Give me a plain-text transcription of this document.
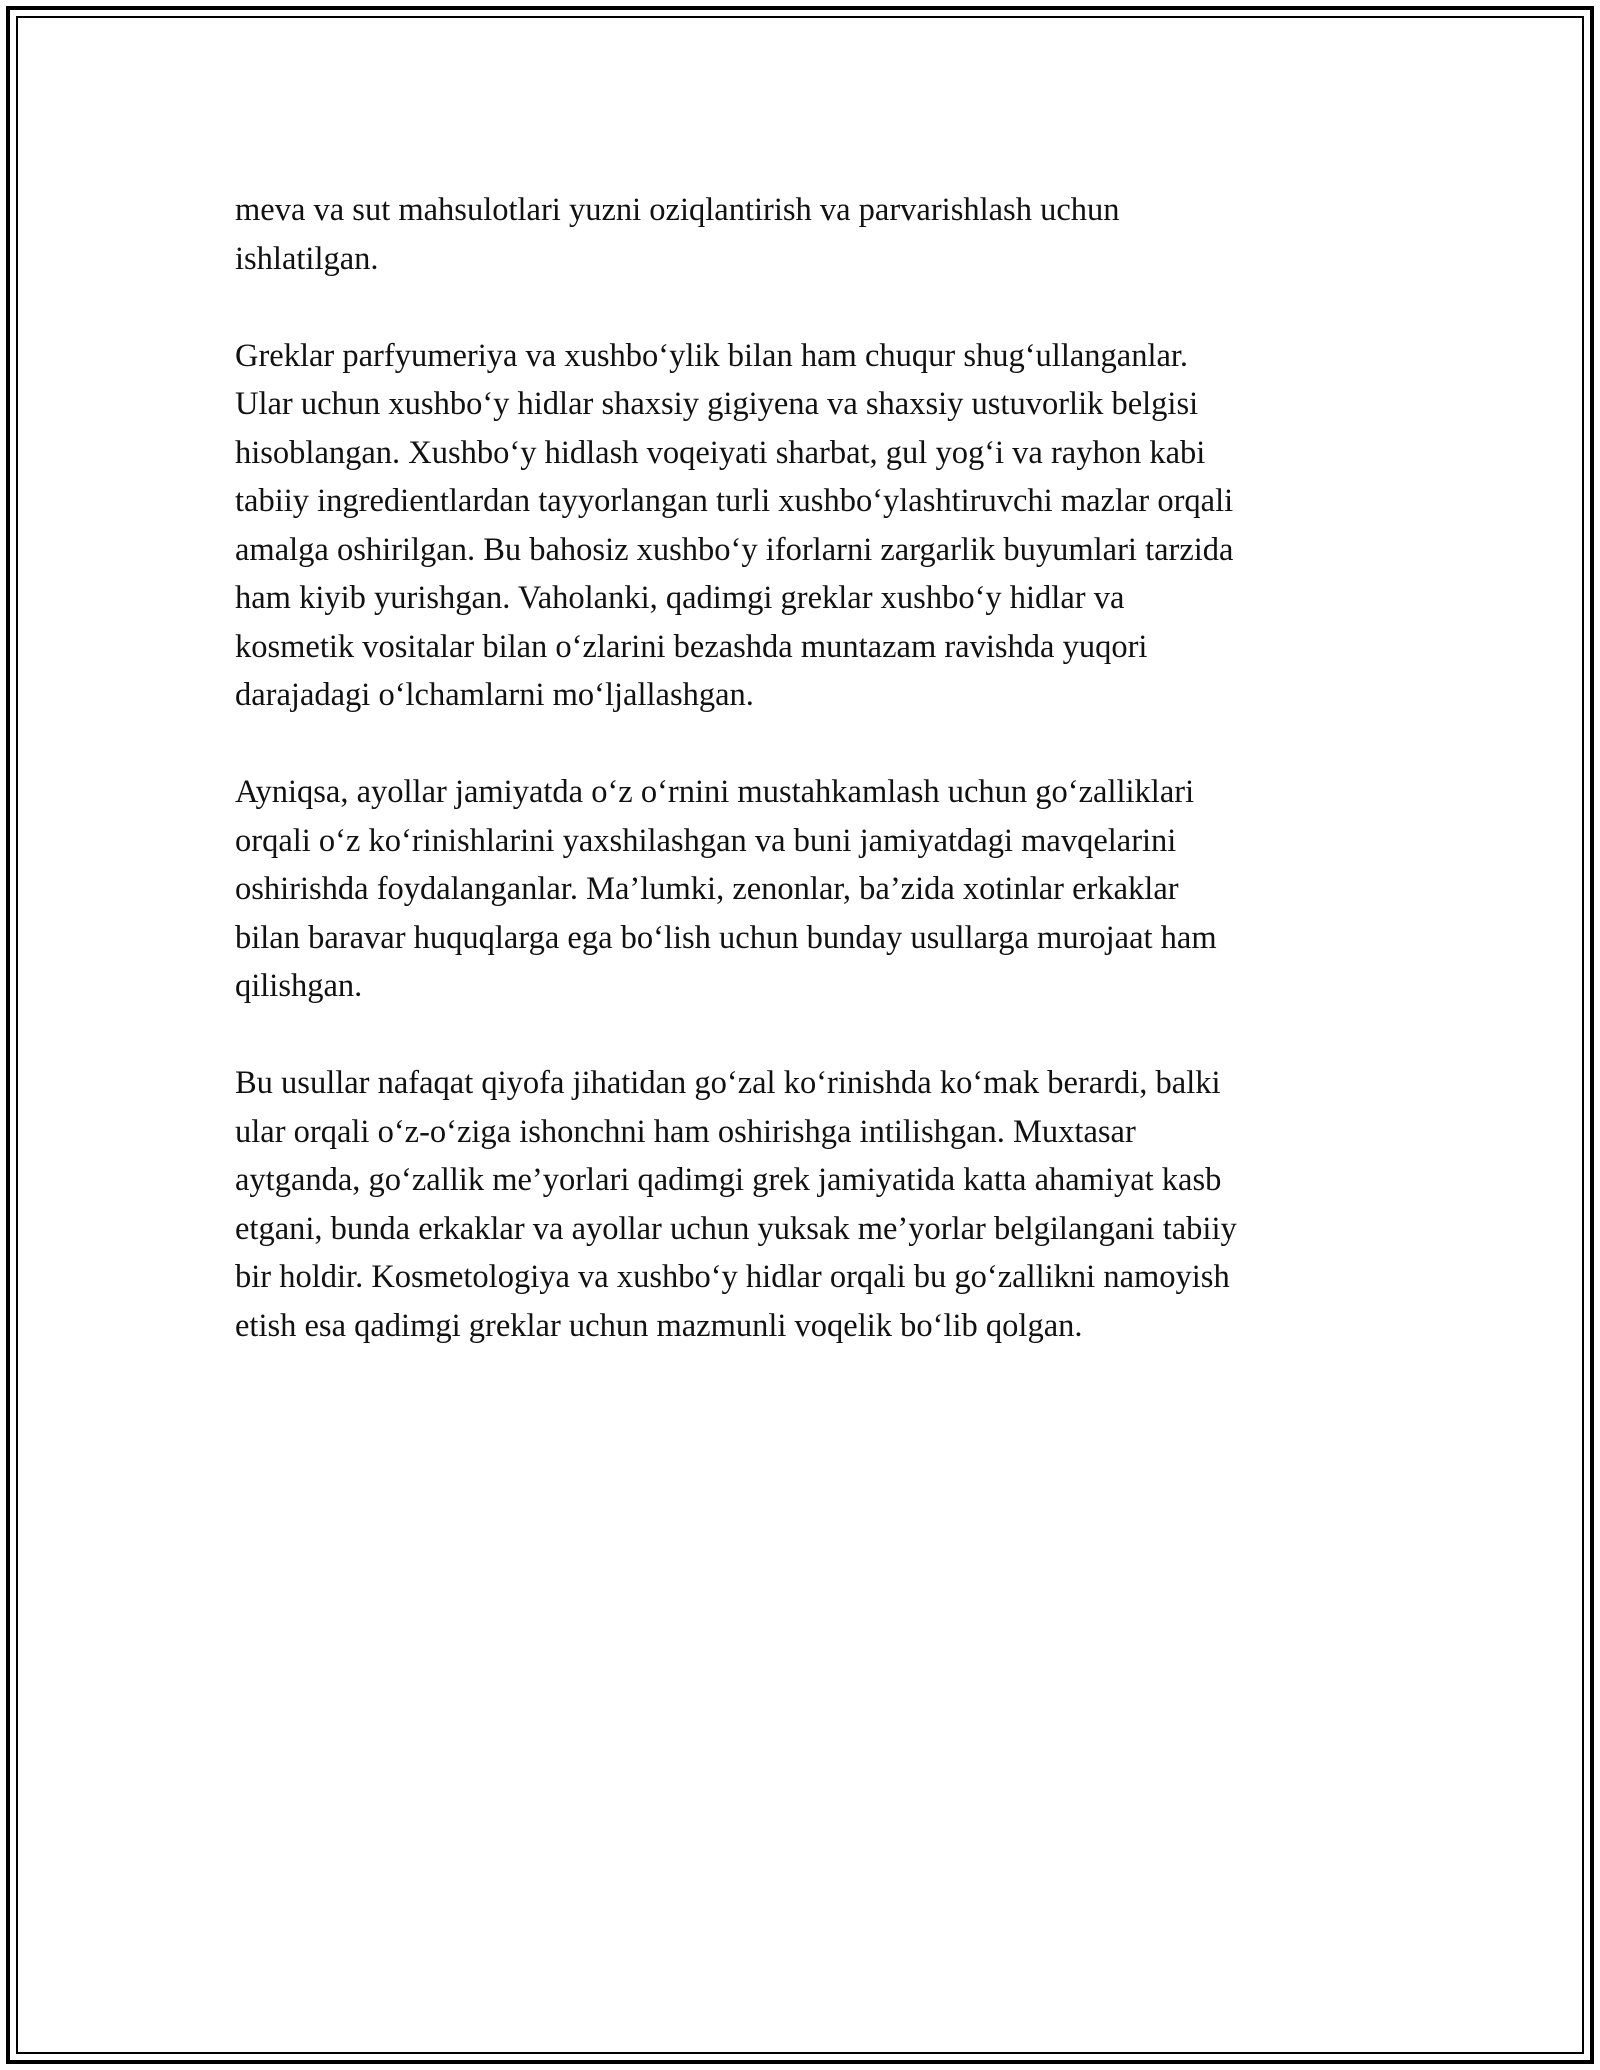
meva va sut mahsulotlari yuzni oziqlantirish va parvarishlash uchun
ishlatilgan.

Greklar parfyumeriya va xushbo‘ylik bilan ham chuqur shug‘ullanganlar.
Ular uchun xushbo‘y hidlar shaxsiy gigiyena va shaxsiy ustuvorlik belgisi
hisoblangan. Xushbo‘y hidlash voqeiyati sharbat, gul yog‘i va rayhon kabi
tabiiy ingredientlardan tayyorlangan turli xushbo‘ylashtiruvchi mazlar orqali
amalga oshirilgan. Bu bahosiz xushbo‘y iforlarni zargarlik buyumlari tarzida
ham kiyib yurishgan. Vaholanki, qadimgi greklar xushbo‘y hidlar va
kosmetik vositalar bilan o‘zlarini bezashda muntazam ravishda yuqori
darajadagi o‘lchamlarni mo‘ljallashgan.

Ayniqsa, ayollar jamiyatda o‘z o‘rnini mustahkamlash uchun go‘zalliklari
orqali o‘z ko‘rinishlarini yaxshilashgan va buni jamiyatdagi mavqelarini
oshirishda foydalanganlar. Ma’lumki, zenonlar, ba’zida xotinlar erkaklar
bilan baravar huquqlarga ega bo‘lish uchun bunday usullarga murojaat ham
qilishgan.

Bu usullar nafaqat qiyofa jihatidan go‘zal ko‘rinishda ko‘mak berardi, balki
ular orqali o‘z-o‘ziga ishonchni ham oshirishga intilishgan. Muxtasar
aytganda, go‘zallik me’yorlari qadimgi grek jamiyatida katta ahamiyat kasb
etgani, bunda erkaklar va ayollar uchun yuksak me’yorlar belgilangani tabiiy
bir holdir. Kosmetologiya va xushbo‘y hidlar orqali bu go‘zallikni namoyish
etish esa qadimgi greklar uchun mazmunli voqelik bo‘lib qolgan.
